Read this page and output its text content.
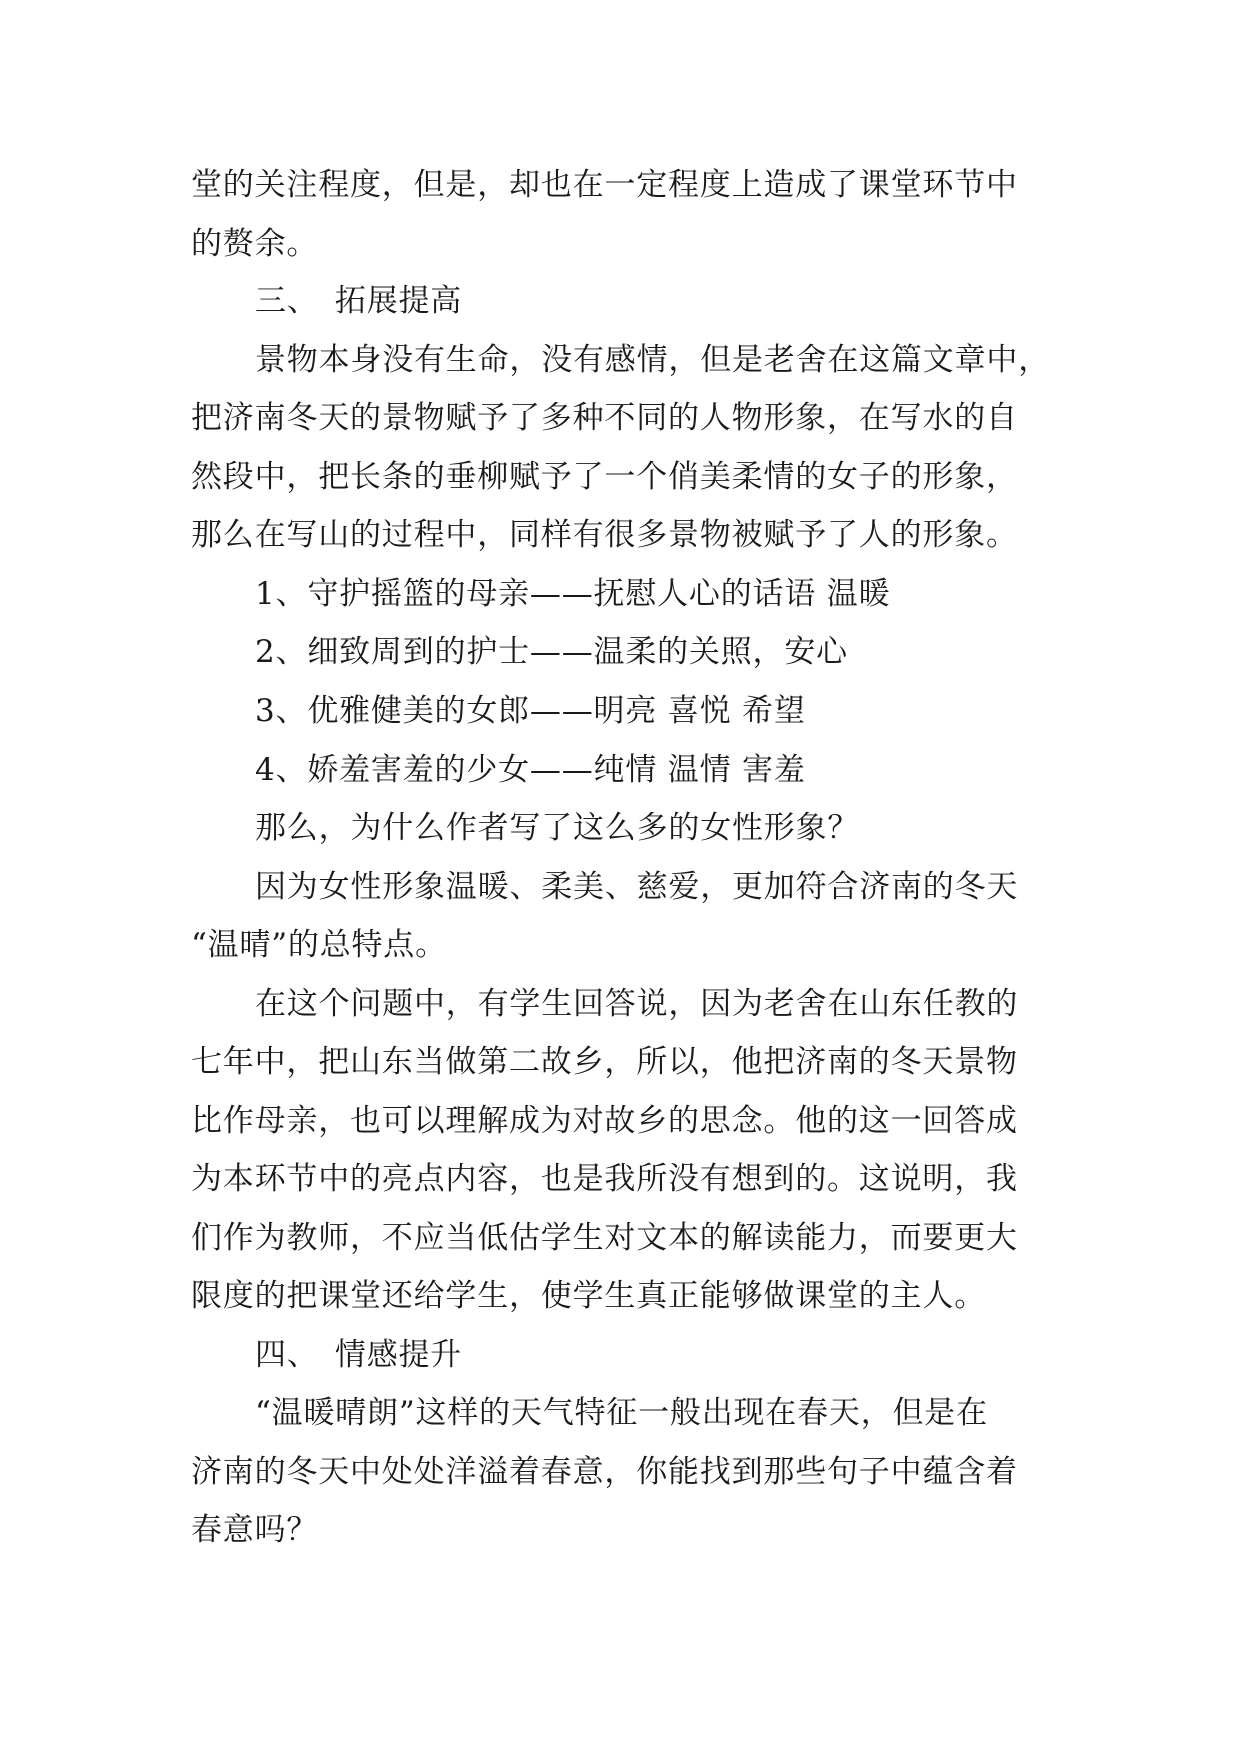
堂的关注程度，但是，却也在一定程度上造成了课堂环节中
的赘余。
三、　拓展提高
景物本身没有生命，没有感情，但是老舍在这篇文章中，
把济南冬天的景物赋予了多种不同的人物形象，在写水的自
然段中，把长条的垂柳赋予了一个俏美柔情的女子的形象，
那么在写山的过程中，同样有很多景物被赋予了人的形象。
1、守护摇篮的母亲——抚慰人心的话语 温暖
2、细致周到的护士——温柔的关照，安心
3、优雅健美的女郎——明亮 喜悦 希望
4、娇羞害羞的少女——纯情 温情 害羞
那么，为什么作者写了这么多的女性形象？
因为女性形象温暖、柔美、慈爱，更加符合济南的冬天
“温晴”的总特点。
在这个问题中，有学生回答说，因为老舍在山东任教的
七年中，把山东当做第二故乡，所以，他把济南的冬天景物
比作母亲，也可以理解成为对故乡的思念。他的这一回答成
为本环节中的亮点内容，也是我所没有想到的。这说明，我
们作为教师，不应当低估学生对文本的解读能力，而要更大
限度的把课堂还给学生，使学生真正能够做课堂的主人。
四、　情感提升
“温暖晴朗”这样的天气特征一般出现在春天，但是在
济南的冬天中处处洋溢着春意，你能找到那些句子中蕴含着
春意吗？
